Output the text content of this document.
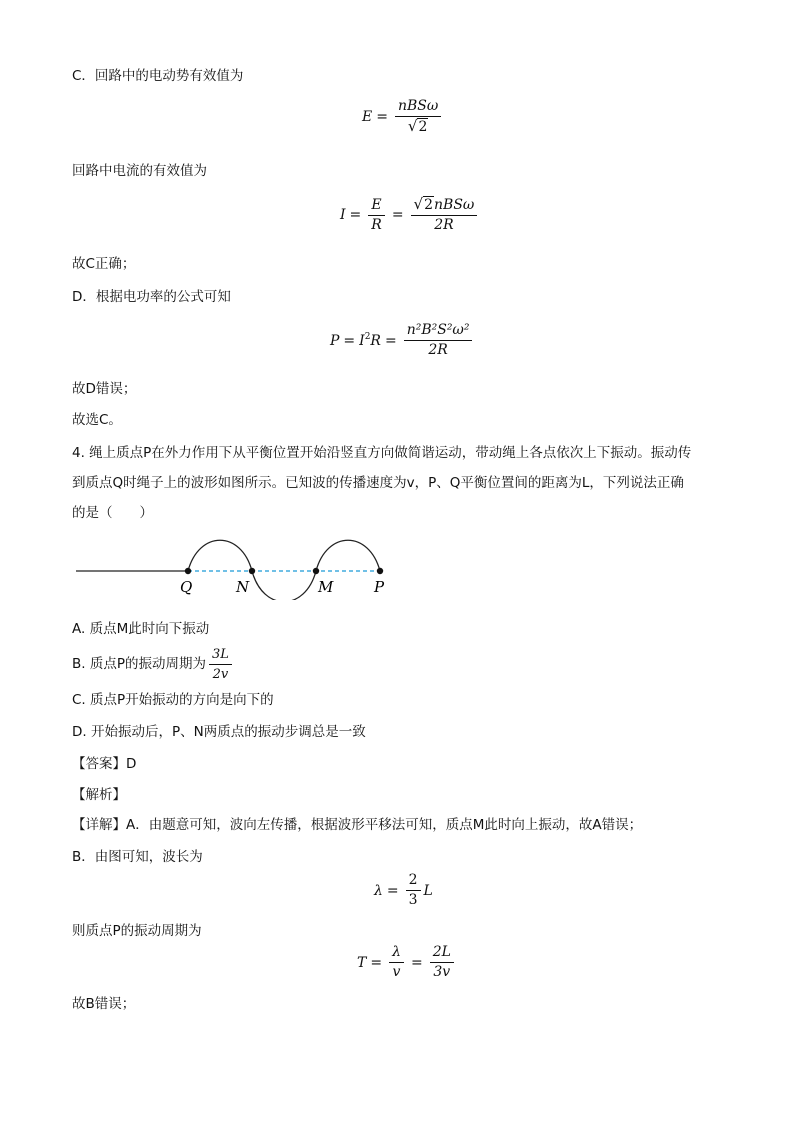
C．回路中的电动势有效值为
$E = \frac{\text{nBSω}}{√ 2}$
回路中电流的有效值为
$I = \frac{E}{R} = \frac{\text{√ 2 nBSω}}{2R}$
故C正确；
D．根据电功率的公式可知
$P = I^2R = \frac{\text{n²B²S²ω²}}{2R}$
故D错误；
故选C。
4. 绳上质点P在外力作用下从平衡位置开始沿竖直方向做简谐运动，带动绳上各点依次上下振动。振动传
到质点Q时绳子上的波形如图所示。已知波的传播速度为v，P、Q平衡位置间的距离为L，下列说法正确
的是（　　）
Q	N	M	P
A. 质点M此时向下振动
B. 质点P的振动周期为 $\frac{3L}{2v}$
C. 质点P开始振动的方向是向下的
D. 开始振动后，P、N两质点的振动步调总是一致
【答案】D
【解析】
【详解】A．由题意可知，波向左传播，根据波形平移法可知，质点M此时向上振动，故A错误；
B．由图可知，波长为
$\lambda = \frac{2}{3}$ L
则质点P的振动周期为
$T = \frac{\lambda}{v} = \frac{2L}{3v}$
故B错误；
